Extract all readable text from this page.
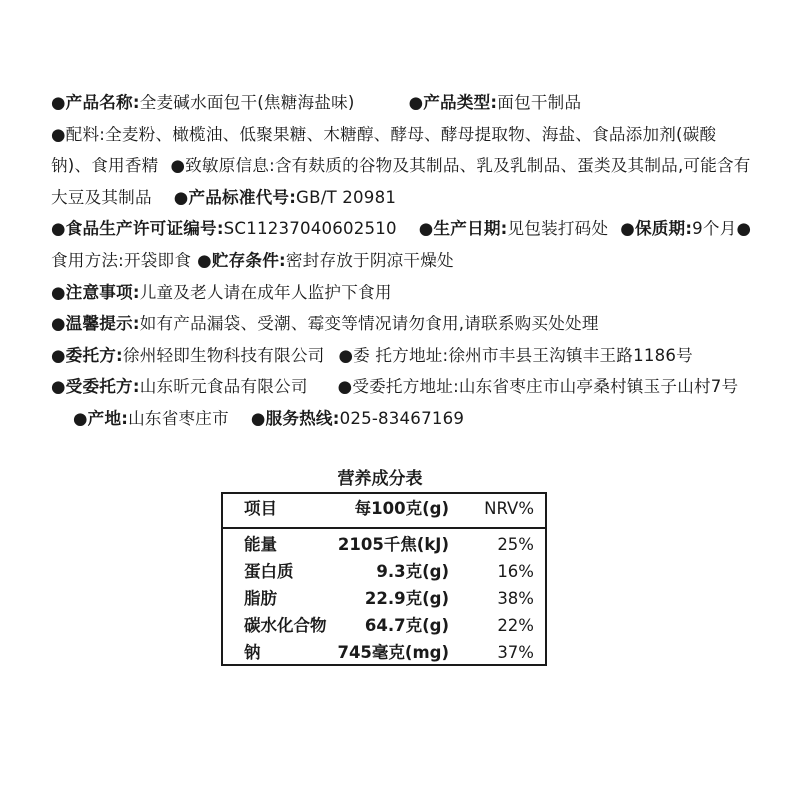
●产品名称:全麦碱水面包干(焦糖海盐味)	●产品类型:面包干制品
●配料:全麦粉、橄榄油、低聚果糖、木糖醇、酵母、酵母提取物、海盐、食品添加剂(碳酸钠)、食用香精 ●致敏原信息:含有麸质的谷物及其制品、乳及乳制品、蛋类及其制品,可能含有大豆及其制品 ●产品标准代号:GB/T 20981●食品生产许可证编号:SC11237040602510 ●生产日期:见包装打码处 ●保质期:9个月●食用方法:开袋即食 ●贮存条件:密封存放于阴凉干燥处●注意事项:儿童及老人请在成年人监护下食用
●温馨提示:如有产品漏袋、受潮、霉变等情况请勿食用,请联系购买处处理
●委托方:徐州轻即生物科技有限公司 ●委 托方地址:徐州市丰县王沟镇丰王路1186号●受委托方:山东昕元食品有限公司 ●受委托方地址:山东省枣庄市山亭桑村镇玉子山村7号●产地:山东省枣庄市 ●服务热线:025-83467169
营养成分表
项目	每100克(g) NRV%
能量	2105千焦(kJ)	25%
蛋白质	9.3克(g)	16%
脂肪	22.9克(g)	38%
碳水化合物 64.7克(g)	22%
钠	745毫克(mg)	37%
